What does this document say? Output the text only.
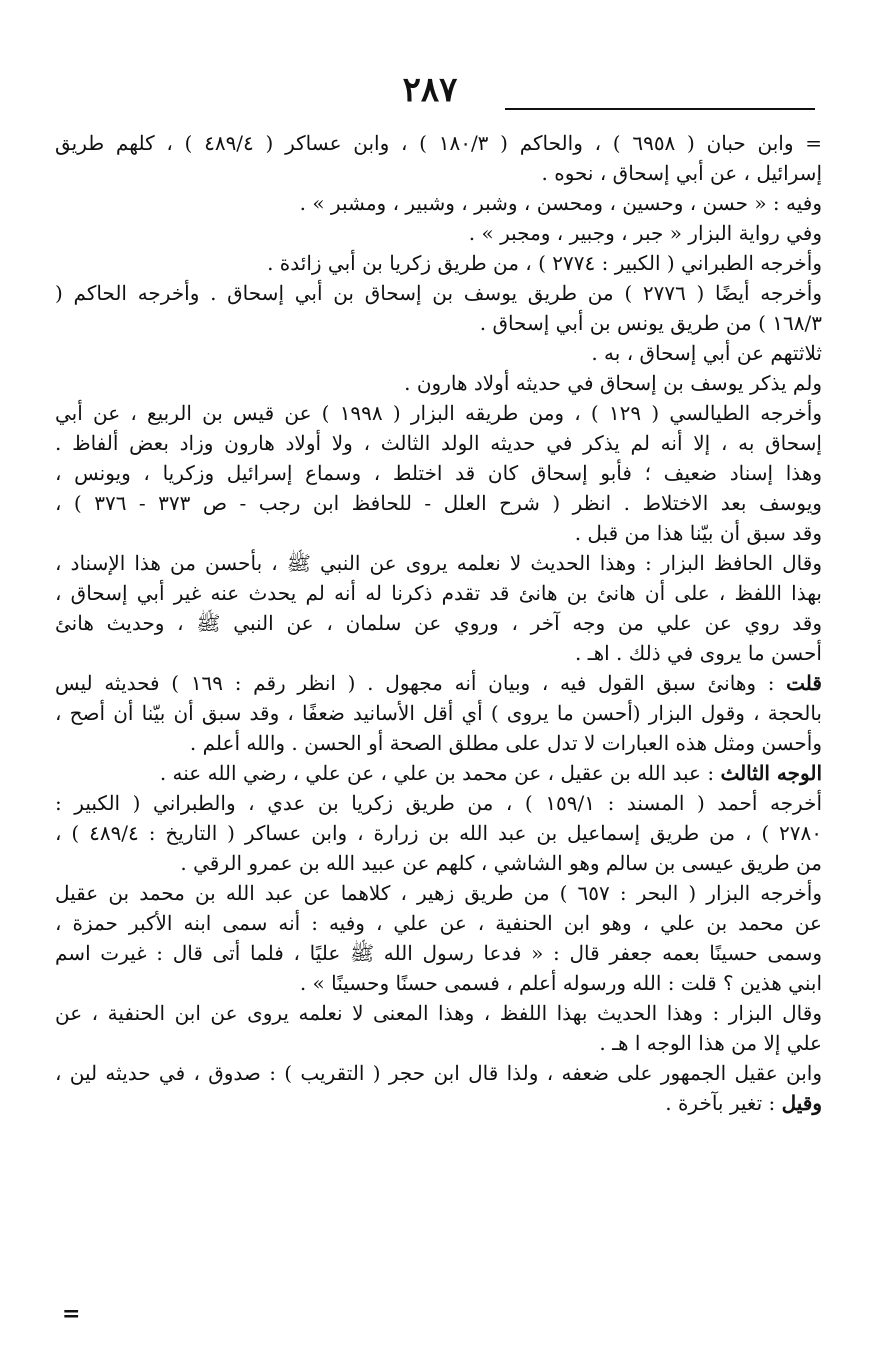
٢٨٧
= وابن حبان ( ٦٩٥٨ ) ، والحاكم ( ١٨٠/٣ ) ، وابن عساكر ( ٤٨٩/٤ ) ، كلهم طريق
إسرائيل ، عن أبي إسحاق ، نحوه .
وفيه : « حسن ، وحسين ، ومحسن ، وشبر ، وشبير ، ومشبر » .
وفي رواية البزار « جبر ، وجبير ، ومجبر » .
وأخرجه الطبراني ( الكبير : ٢٧٧٤ ) ، من طريق زكريا بن أبي زائدة .
وأخرجه أيضًا ( ٢٧٧٦ ) من طريق يوسف بن إسحاق بن أبي إسحاق . وأخرجه الحاكم (
١٦٨/٣ ) من طريق يونس بن أبي إسحاق .
ثلاثتهم عن أبي إسحاق ، به .
ولم يذكر يوسف بن إسحاق في حديثه أولاد هارون .
وأخرجه الطيالسي ( ١٢٩ ) ، ومن طريقه البزار ( ١٩٩٨ ) عن قيس بن الربيع ، عن أبي
إسحاق به ، إلا أنه لم يذكر في حديثه الولد الثالث ، ولا أولاد هارون وزاد بعض ألفاظ .
وهذا إسناد ضعيف ؛ فأبو إسحاق كان قد اختلط ، وسماع إسرائيل وزكريا ، ويونس ،
ويوسف بعد الاختلاط . انظر ( شرح العلل - للحافظ ابن رجب - ص ٣٧٣ - ٣٧٦ ) ،
وقد سبق أن بيّنا هذا من قبل .
وقال الحافظ البزار : وهذا الحديث لا نعلمه يروى عن النبي ﷺ ، بأحسن من هذا الإسناد ،
بهذا اللفظ ، على أن هانئ بن هانئ قد تقدم ذكرنا له أنه لم يحدث عنه غير أبي إسحاق ،
وقد روي عن علي من وجه آخر ، وروي عن سلمان ، عن النبي ﷺ ، وحديث هانئ
أحسن ما يروى في ذلك . اهـ .
قلت : وهانئ سبق القول فيه ، وبيان أنه مجهول . ( انظر رقم : ١٦٩ ) فحديثه ليس
بالحجة ، وقول البزار (أحسن ما يروى ) أي أقل الأسانيد ضعفًا ، وقد سبق أن بيّنا أن أصح ،
وأحسن ومثل هذه العبارات لا تدل على مطلق الصحة أو الحسن . والله أعلم .
الوجه الثالث : عبد الله بن عقيل ، عن محمد بن علي ، عن علي ، رضي الله عنه .
أخرجه أحمد ( المسند : ١٥٩/١ ) ، من طريق زكريا بن عدي ، والطبراني ( الكبير :
٢٧٨٠ ) ، من طريق إسماعيل بن عبد الله بن زرارة ، وابن عساكر ( التاريخ : ٤٨٩/٤ ) ،
من طريق عيسى بن سالم وهو الشاشي ، كلهم عن عبيد الله بن عمرو الرقي .
وأخرجه البزار ( البحر : ٦٥٧ ) من طريق زهير ، كلاهما عن عبد الله بن محمد بن عقيل
عن محمد بن علي ، وهو ابن الحنفية ، عن علي ، وفيه : أنه سمى ابنه الأكبر حمزة ،
وسمى حسينًا بعمه جعفر قال : « فدعا رسول الله ﷺ عليًا ، فلما أتى قال : غيرت اسم
ابني هذين ؟ قلت : الله ورسوله أعلم ، فسمى حسنًا وحسينًا » .
وقال البزار : وهذا الحديث بهذا اللفظ ، وهذا المعنى لا نعلمه يروى عن ابن الحنفية ، عن
علي إلا من هذا الوجه ا هـ .
وابن عقيل الجمهور على ضعفه ، ولذا قال ابن حجر ( التقريب ) : صدوق ، في حديثه لين ،
وقيل : تغير بآخرة .
=
